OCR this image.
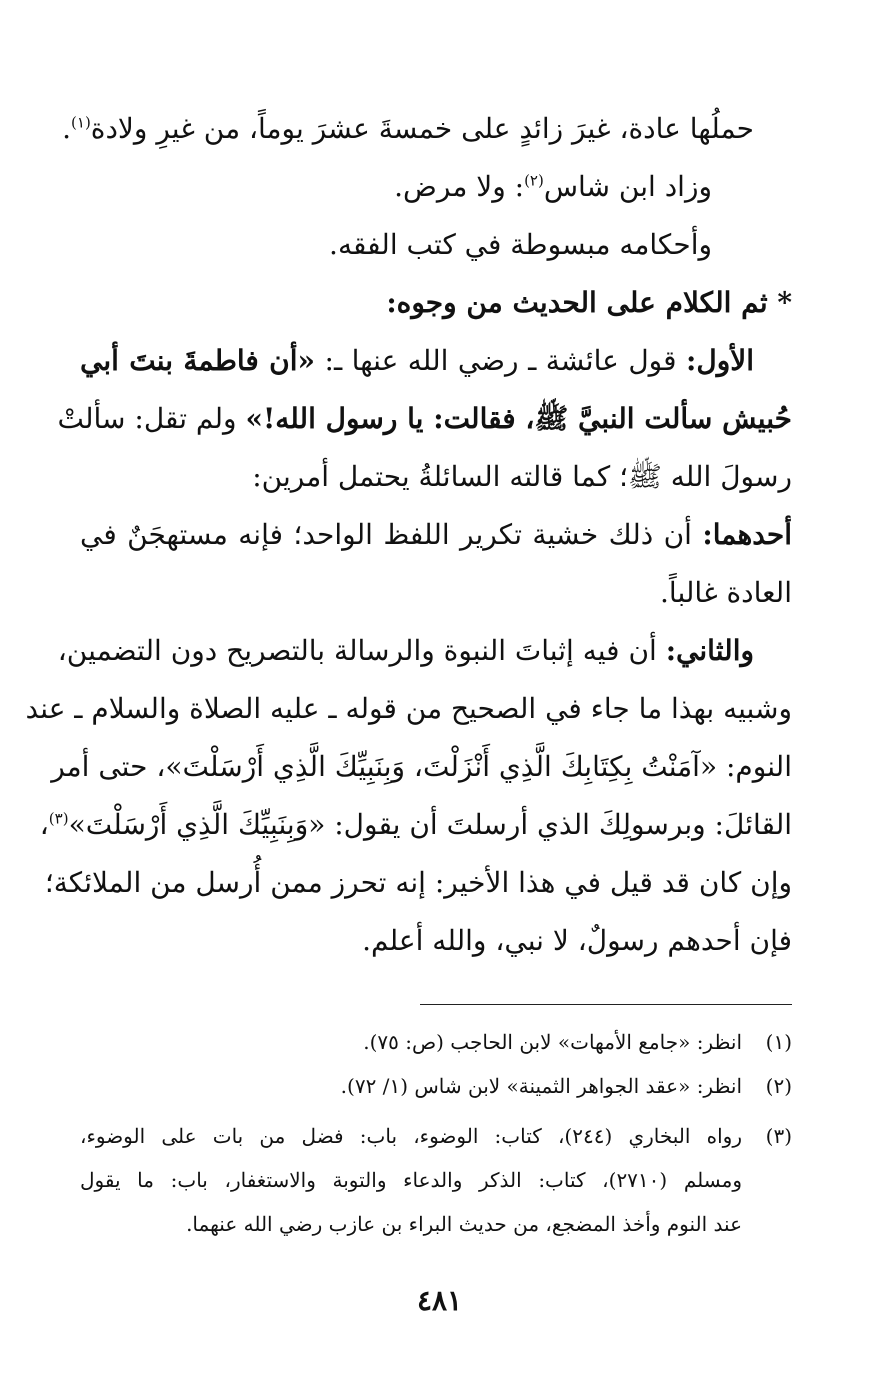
حملُها عادة، غيرَ زائدٍ على خمسةَ عشرَ يوماً، من غيرِ ولادة$^{(١)}$.
وزاد ابن شاس$^{(٢)}$: ولا مرض.
وأحكامه مبسوطة في كتب الفقه.
* ثم الكلام على الحديث من وجوه:
الأول: قول عائشة ـ رضي الله عنها ـ: «أن فاطمةَ بنتَ أبي
حُبيش سألت النبيَّ ﷺ، فقالت: يا رسول الله!» ولم تقل: سألتْ
رسولَ الله ﷺ؛ كما قالته السائلةُ يحتمل أمرين:
أحدهما: أن ذلك خشية تكرير اللفظ الواحد؛ فإنه مستهجَنٌ في
العادة غالباً.
والثاني: أن فيه إثباتَ النبوة والرسالة بالتصريح دون التضمين،
وشبيه بهذا ما جاء في الصحيح من قوله ـ عليه الصلاة والسلام ـ عند
النوم: «آمَنْتُ بِكِتَابِكَ الَّذِي أَنْزَلْتَ، وَبِنَبِيِّكَ الَّذِي أَرْسَلْتَ»، حتى أمر
القائلَ: وبرسولِكَ الذي أرسلتَ أن يقول: «وَبِنَبِيِّكَ الَّذِي أَرْسَلْتَ»$^{(٣)}$،
وإن كان قد قيل في هذا الأخير: إنه تحرز ممن أُرسل من الملائكة؛
فإن أحدهم رسولٌ، لا نبي، والله أعلم.
(١)انظر: «جامع الأمهات» لابن الحاجب (ص: ٧٥).
(٢)انظر: «عقد الجواهر الثمينة» لابن شاس (١/ ٧٢).
(٣)رواه البخاري (٢٤٤)، كتاب: الوضوء، باب: فضل من بات على الوضوء،
ومسلم (٢٧١٠)، كتاب: الذكر والدعاء والتوبة والاستغفار، باب: ما يقول
عند النوم وأخذ المضجع، من حديث البراء بن عازب رضي الله عنهما.
٤٨١
